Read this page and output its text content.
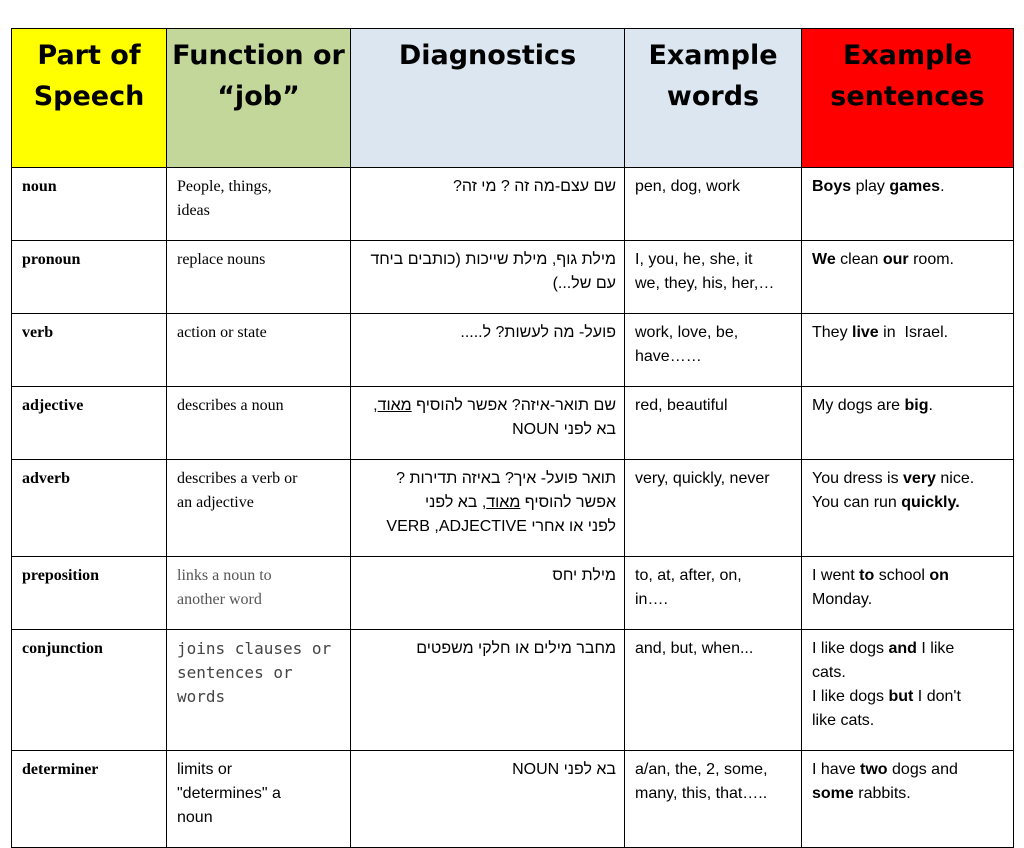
Part of
Speech	Function or
“job”	Diagnostics	Example
words	Example
sentences

noun	People, things,
ideas	שם עצם-מה זה ? מי זה?	pen, dog, work	Boys play games.

pronoun	replace nouns	מילת גוף, מילת שייכות (כותבים ביחד
עם של...)	I, you, he, she, it
we, they, his, her,…	We clean our room.

verb	action or state	פועל- מה לעשות? ל.....	work, love, be,
have……	They live in  Israel.

adjective	describes a noun	שם תואר-איזה? אפשר להוסיף מאוד,
בא לפני NOUN	red, beautiful	My dogs are big.

adverb	describes a verb or
an adjective	תואר פועל- איך? באיזה תדירות ?
אפשר להוסיף מאוד, בא לפני
לפני או אחרי VERB ,ADJECTIVE	very, quickly, never	You dress is very nice.
You can run quickly.

preposition	links a noun to
another word	מילת יחס	to, at, after, on,
in….	I went to school on
Monday.

conjunction	joins clauses or
sentences or
words	מחבר מילים או חלקי משפטים	and, but, when...	I like dogs and I like
cats.
I like dogs but I don't
like cats.

determiner	limits or
"determines" a
noun	בא לפני NOUN	a/an, the, 2, some,
many, this, that…..	I have two dogs and
some rabbits.
